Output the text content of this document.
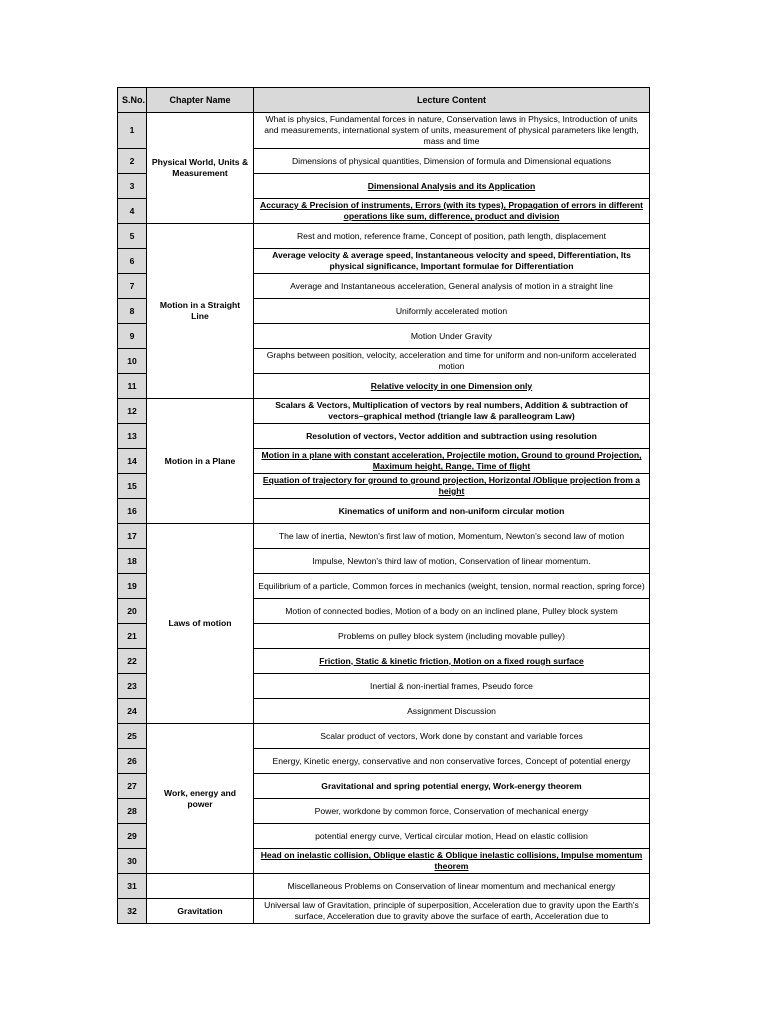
S.No.	Chapter Name	Lecture Content
1	Physical World, Units & Measurement	What is physics, Fundamental forces in nature, Conservation laws in Physics, Introduction of units and measurements, international system of units, measurement of physical parameters like length, mass and time
2		Dimensions of physical quantities, Dimension of formula and Dimensional equations
3		Dimensional Analysis and its Application
4		Accuracy & Precision of instruments, Errors (with its types), Propagation of errors in different operations like sum, difference, product and division
5	Motion in a Straight Line	Rest and motion, reference frame, Concept of position, path length, displacement
6		Average velocity & average speed, Instantaneous velocity and speed, Differentiation, Its physical significance, Important formulae for Differentiation
7		Average and Instantaneous acceleration, General analysis of motion in a straight line
8		Uniformly accelerated motion
9		Motion Under Gravity
10		Graphs between position, velocity, acceleration and time for uniform and non-uniform accelerated motion
11		Relative velocity in one Dimension only
12	Motion in a Plane	Scalars & Vectors, Multiplication of vectors by real numbers, Addition & subtraction of vectors–graphical method (triangle law & paralleogram Law)
13		Resolution of vectors, Vector addition and subtraction using resolution
14		Motion in a plane with constant acceleration, Projectile motion, Ground to ground Projection, Maximum height, Range, Time of flight
15		Equation of trajectory for ground to ground projection, Horizontal /Oblique projection from a height
16		Kinematics of uniform and non-uniform circular motion
17	Laws of motion	The law of inertia, Newton's first law of motion, Momentum, Newton's second law of motion
18		Impulse, Newton's third law of motion, Conservation of linear momentum.
19		Equilibrium of a particle, Common forces in mechanics (weight, tension, normal reaction, spring force)
20		Motion of connected bodies, Motion of a body on an inclined plane, Pulley block system
21		Problems on pulley block system (including movable pulley)
22		Friction, Static & kinetic friction, Motion on a fixed rough surface
23		Inertial & non-inertial frames, Pseudo force
24		Assignment Discussion
25	Work, energy and power	Scalar product of vectors, Work done by constant and variable forces
26		Energy, Kinetic energy, conservative and non conservative forces, Concept of potential energy
27		Gravitational and spring potential energy, Work-energy theorem
28		Power, workdone by common force, Conservation of mechanical energy
29		potential energy curve, Vertical circular motion, Head on elastic collision
30		Head on inelastic collision, Oblique elastic & Oblique inelastic collisions, Impulse momentum theorem
31		Miscellaneous Problems on Conservation of linear momentum and mechanical energy
32	Gravitation	Universal law of Gravitation, principle of superposition, Acceleration due to gravity upon the Earth's surface, Acceleration due to gravity above the surface of earth, Acceleration due to
